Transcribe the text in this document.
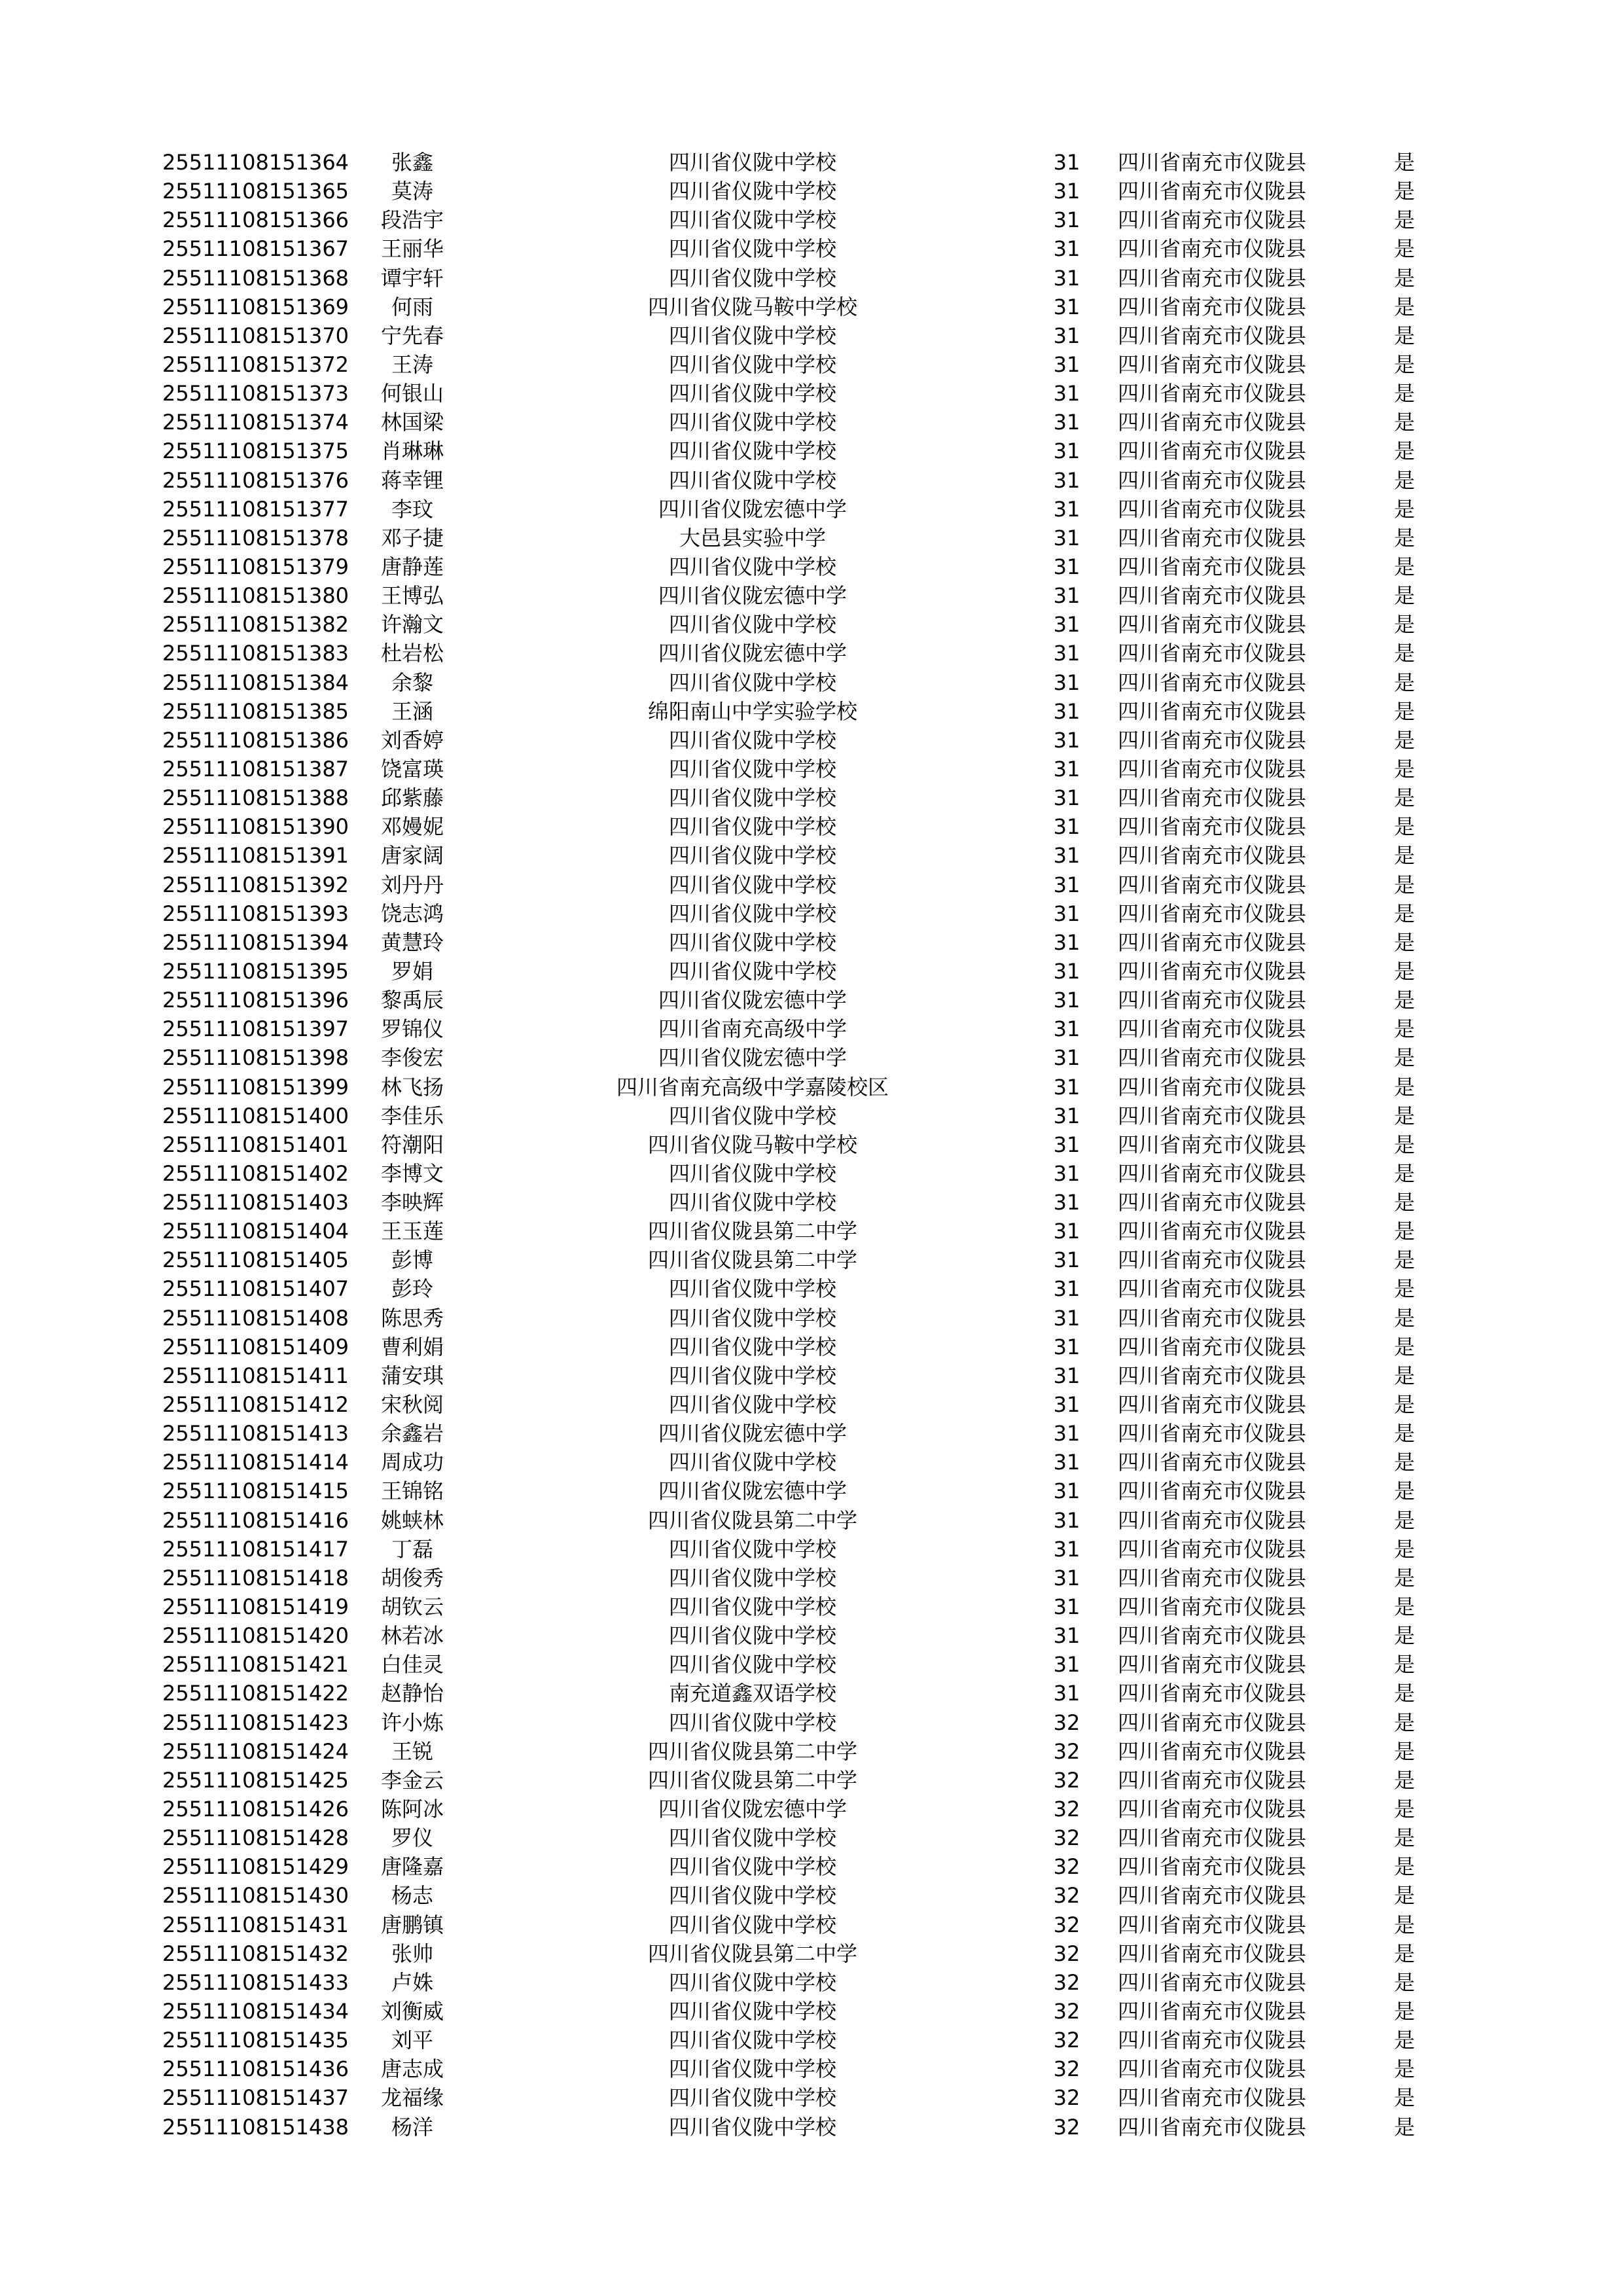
25511108151364	张鑫	四川省仪陇中学校	31	四川省南充市仪陇县	是
25511108151365	莫涛	四川省仪陇中学校	31	四川省南充市仪陇县	是
25511108151366	段浩宇	四川省仪陇中学校	31	四川省南充市仪陇县	是
25511108151367	王丽华	四川省仪陇中学校	31	四川省南充市仪陇县	是
25511108151368	谭宇轩	四川省仪陇中学校	31	四川省南充市仪陇县	是
25511108151369	何雨	四川省仪陇马鞍中学校	31	四川省南充市仪陇县	是
25511108151370	宁先春	四川省仪陇中学校	31	四川省南充市仪陇县	是
25511108151372	王涛	四川省仪陇中学校	31	四川省南充市仪陇县	是
25511108151373	何银山	四川省仪陇中学校	31	四川省南充市仪陇县	是
25511108151374	林国梁	四川省仪陇中学校	31	四川省南充市仪陇县	是
25511108151375	肖琳琳	四川省仪陇中学校	31	四川省南充市仪陇县	是
25511108151376	蒋幸锂	四川省仪陇中学校	31	四川省南充市仪陇县	是
25511108151377	李玟	四川省仪陇宏德中学	31	四川省南充市仪陇县	是
25511108151378	邓子捷	大邑县实验中学	31	四川省南充市仪陇县	是
25511108151379	唐静莲	四川省仪陇中学校	31	四川省南充市仪陇县	是
25511108151380	王博弘	四川省仪陇宏德中学	31	四川省南充市仪陇县	是
25511108151382	许瀚文	四川省仪陇中学校	31	四川省南充市仪陇县	是
25511108151383	杜岩松	四川省仪陇宏德中学	31	四川省南充市仪陇县	是
25511108151384	余黎	四川省仪陇中学校	31	四川省南充市仪陇县	是
25511108151385	王涵	绵阳南山中学实验学校	31	四川省南充市仪陇县	是
25511108151386	刘香婷	四川省仪陇中学校	31	四川省南充市仪陇县	是
25511108151387	饶富瑛	四川省仪陇中学校	31	四川省南充市仪陇县	是
25511108151388	邱紫藤	四川省仪陇中学校	31	四川省南充市仪陇县	是
25511108151390	邓嫚妮	四川省仪陇中学校	31	四川省南充市仪陇县	是
25511108151391	唐家阔	四川省仪陇中学校	31	四川省南充市仪陇县	是
25511108151392	刘丹丹	四川省仪陇中学校	31	四川省南充市仪陇县	是
25511108151393	饶志鸿	四川省仪陇中学校	31	四川省南充市仪陇县	是
25511108151394	黄慧玲	四川省仪陇中学校	31	四川省南充市仪陇县	是
25511108151395	罗娟	四川省仪陇中学校	31	四川省南充市仪陇县	是
25511108151396	黎禹辰	四川省仪陇宏德中学	31	四川省南充市仪陇县	是
25511108151397	罗锦仪	四川省南充高级中学	31	四川省南充市仪陇县	是
25511108151398	李俊宏	四川省仪陇宏德中学	31	四川省南充市仪陇县	是
25511108151399	林飞扬	四川省南充高级中学嘉陵校区	31	四川省南充市仪陇县	是
25511108151400	李佳乐	四川省仪陇中学校	31	四川省南充市仪陇县	是
25511108151401	符潮阳	四川省仪陇马鞍中学校	31	四川省南充市仪陇县	是
25511108151402	李博文	四川省仪陇中学校	31	四川省南充市仪陇县	是
25511108151403	李映辉	四川省仪陇中学校	31	四川省南充市仪陇县	是
25511108151404	王玉莲	四川省仪陇县第二中学	31	四川省南充市仪陇县	是
25511108151405	彭博	四川省仪陇县第二中学	31	四川省南充市仪陇县	是
25511108151407	彭玲	四川省仪陇中学校	31	四川省南充市仪陇县	是
25511108151408	陈思秀	四川省仪陇中学校	31	四川省南充市仪陇县	是
25511108151409	曹利娟	四川省仪陇中学校	31	四川省南充市仪陇县	是
25511108151411	蒲安琪	四川省仪陇中学校	31	四川省南充市仪陇县	是
25511108151412	宋秋阅	四川省仪陇中学校	31	四川省南充市仪陇县	是
25511108151413	余鑫岩	四川省仪陇宏德中学	31	四川省南充市仪陇县	是
25511108151414	周成功	四川省仪陇中学校	31	四川省南充市仪陇县	是
25511108151415	王锦铭	四川省仪陇宏德中学	31	四川省南充市仪陇县	是
25511108151416	姚蛱林	四川省仪陇县第二中学	31	四川省南充市仪陇县	是
25511108151417	丁磊	四川省仪陇中学校	31	四川省南充市仪陇县	是
25511108151418	胡俊秀	四川省仪陇中学校	31	四川省南充市仪陇县	是
25511108151419	胡钦云	四川省仪陇中学校	31	四川省南充市仪陇县	是
25511108151420	林若冰	四川省仪陇中学校	31	四川省南充市仪陇县	是
25511108151421	白佳灵	四川省仪陇中学校	31	四川省南充市仪陇县	是
25511108151422	赵静怡	南充道鑫双语学校	31	四川省南充市仪陇县	是
25511108151423	许小炼	四川省仪陇中学校	32	四川省南充市仪陇县	是
25511108151424	王锐	四川省仪陇县第二中学	32	四川省南充市仪陇县	是
25511108151425	李金云	四川省仪陇县第二中学	32	四川省南充市仪陇县	是
25511108151426	陈阿冰	四川省仪陇宏德中学	32	四川省南充市仪陇县	是
25511108151428	罗仪	四川省仪陇中学校	32	四川省南充市仪陇县	是
25511108151429	唐隆嘉	四川省仪陇中学校	32	四川省南充市仪陇县	是
25511108151430	杨志	四川省仪陇中学校	32	四川省南充市仪陇县	是
25511108151431	唐鹏镇	四川省仪陇中学校	32	四川省南充市仪陇县	是
25511108151432	张帅	四川省仪陇县第二中学	32	四川省南充市仪陇县	是
25511108151433	卢姝	四川省仪陇中学校	32	四川省南充市仪陇县	是
25511108151434	刘衡威	四川省仪陇中学校	32	四川省南充市仪陇县	是
25511108151435	刘平	四川省仪陇中学校	32	四川省南充市仪陇县	是
25511108151436	唐志成	四川省仪陇中学校	32	四川省南充市仪陇县	是
25511108151437	龙福缘	四川省仪陇中学校	32	四川省南充市仪陇县	是
25511108151438	杨洋	四川省仪陇中学校	32	四川省南充市仪陇县	是
